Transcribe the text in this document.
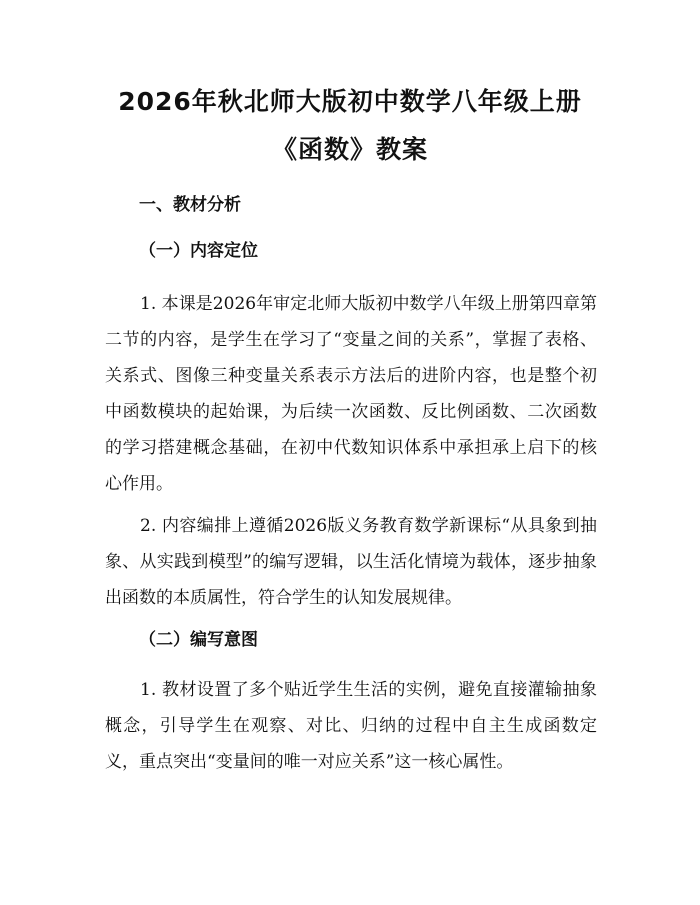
2026年秋北师大版初中数学八年级上册《函数》教案
一、教材分析
（一）内容定位

1. 本课是2026年审定北师大版初中数学八年级上册第四章第二节的内容，是学生在学习了“变量之间的关系”，掌握了表格、关系式、图像三种变量关系表示方法后的进阶内容，也是整个初中函数模块的起始课，为后续一次函数、反比例函数、二次函数的学习搭建概念基础，在初中代数知识体系中承担承上启下的核心作用。

2. 内容编排上遵循2026版义务教育数学新课标“从具象到抽象、从实践到模型”的编写逻辑，以生活化情境为载体，逐步抽象出函数的本质属性，符合学生的认知发展规律。

（二）编写意图

1. 教材设置了多个贴近学生生活的实例，避免直接灌输抽象概念，引导学生在观察、对比、归纳的过程中自主生成函数定义，重点突出“变量间的唯一对应关系”这一核心属性。
